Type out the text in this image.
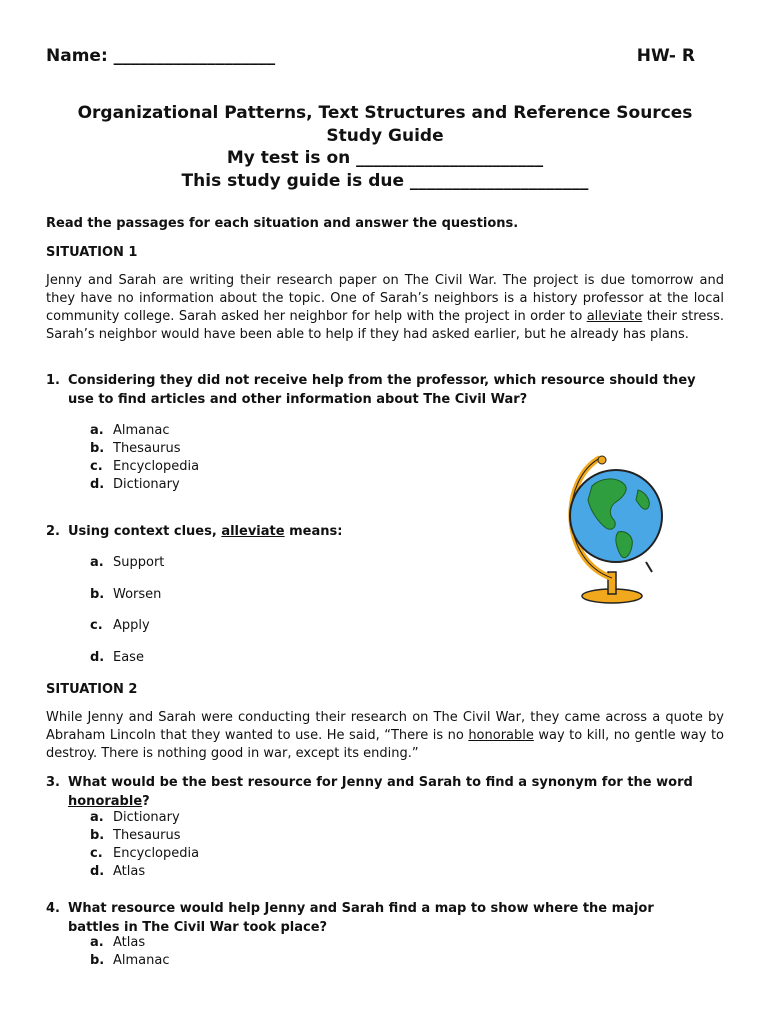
Name: ___________________	HW- R
Organizational Patterns, Text Structures and Reference Sources
Study Guide
My test is on ______________________
This study guide is due _____________________
Read the passages for each situation and answer the questions.
SITUATION 1
Jenny and Sarah are writing their research paper on The Civil War. The project is due tomorrow and they have no information about the topic. One of Sarah’s neighbors is a history professor at the local community college. Sarah asked her neighbor for help with the project in order to alleviate their stress. Sarah’s neighbor would have been able to help if they had asked earlier, but he already has plans.
1. Considering they did not receive help from the professor, which resource should they use to find articles and other information about The Civil War?
a. Almanac
b. Thesaurus
c. Encyclopedia
d. Dictionary
2. Using context clues, alleviate means:
a. Support
b. Worsen
c. Apply
d. Ease
SITUATION 2
While Jenny and Sarah were conducting their research on The Civil War, they came across a quote by Abraham Lincoln that they wanted to use. He said, “There is no honorable way to kill, no gentle way to destroy. There is nothing good in war, except its ending.”
3. What would be the best resource for Jenny and Sarah to find a synonym for the word honorable?
a. Dictionary
b. Thesaurus
c. Encyclopedia
d. Atlas
4. What resource would help Jenny and Sarah find a map to show where the major battles in The Civil War took place?
a. Atlas
b. Almanac
